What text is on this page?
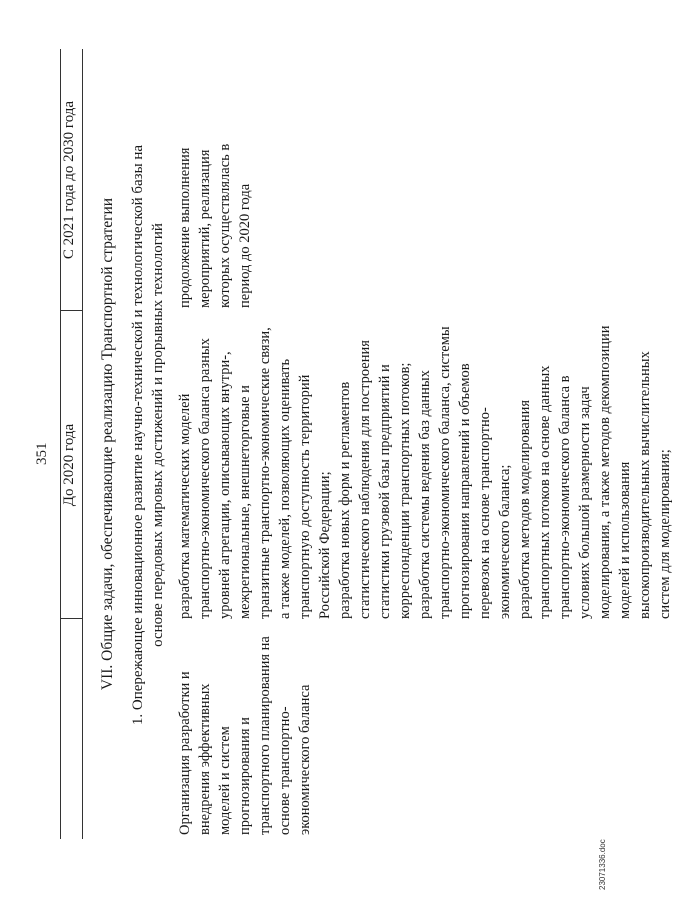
351 До 2020 года
С 2021 года до 2030 года
VII. Общие задачи, обеспечивающие реализацию Транспортной стратегии 1. Опережающее инновационное развитие научно-технической и технологической базы на основе передовых мировых достижений и прорывных технологий
Организация разработки и внедрения эффективных моделей и систем прогнозирования и транспортного планирования на основе транспортно-экономического баланса

разработка математических моделей транспортно-экономического баланса разных уровней агрегации, описывающих внутри-, межрегиональные, внешнеторговые и транзитные транспортно-экономические связи, а также моделей, позволяющих оценивать транспортную доступность территорий Российской Федерации; разработка новых форм и регламентов статистического наблюдения для построения статистики грузовой базы предприятий и корреспонденции транспортных потоков; разработка системы ведения баз данных транспортно-экономического баланса, системы прогнозирования направлений и объемов перевозок на основе транспортно-экономического баланса; разработка методов моделирования транспортных потоков на основе данных транспортно-экономического баланса в условиях большой размерности задач моделирования, а также методов декомпозиции моделей и использования высокопроизводительных вычислительных систем для моделирования;

продолжение выполнения мероприятий, реализация которых осуществлялась в период до 2020 года
23071336.doc
